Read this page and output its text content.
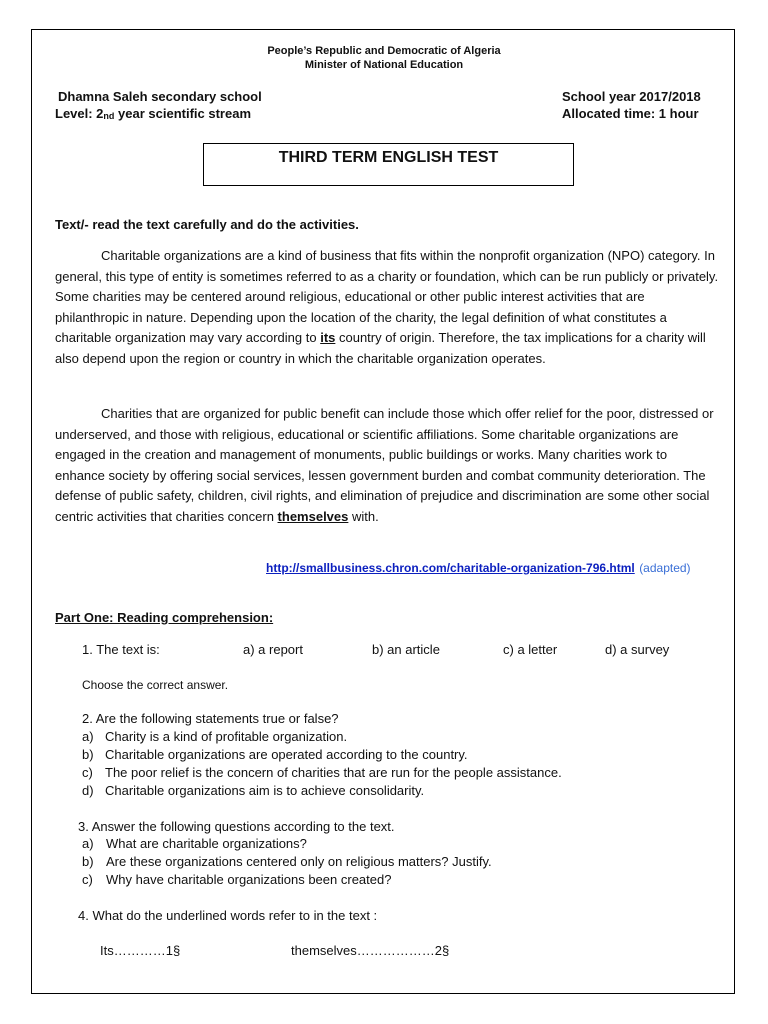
People’s Republic and Democratic of Algeria
Minister of National Education
Dhamna Saleh secondary school
Level: 2nd year scientific stream
School year 2017/2018
Allocated time: 1 hour
THIRD TERM ENGLISH TEST
Text/- read the text carefully and do the activities.

Charitable organizations are a kind of business that fits within the nonprofit organization (NPO) category. In general, this type of entity is sometimes referred to as a charity or foundation, which can be run publicly or privately. Some charities may be centered around religious, educational or other public interest activities that are philanthropic in nature. Depending upon the location of the charity, the legal definition of what constitutes a charitable organization may vary according to its country of origin. Therefore, the tax implications for a charity will also depend upon the region or country in which the charitable organization operates.

Charities that are organized for public benefit can include those which offer relief for the poor, distressed or underserved, and those with religious, educational or scientific affiliations. Some charitable organizations are engaged in the creation and management of monuments, public buildings or works. Many charities work to enhance society by offering social services, lessen government burden and combat community deterioration. The defense of public safety, children, civil rights, and elimination of prejudice and discrimination are some other social centric activities that charities concern themselves with.

http://smallbusiness.chron.com/charitable-organization-796.html (adapted)
Part One: Reading comprehension:
1. The text is:	a) a report	b) an article	c) a letter	d) a survey
Choose the correct answer.
2. Are the following statements true or false?
a) Charity is a kind of profitable organization.
b) Charitable organizations are operated according to the country.
c) The poor relief is the concern of charities that are run for the people assistance.
d) Charitable organizations aim is to achieve consolidarity.
3. Answer the following questions according to the text.
a) What are charitable organizations?
b) Are these organizations centered only on religious matters? Justify.
c) Why have charitable organizations been created?
4. What do the underlined words refer to in the text :
Its…………1§	themselves………………2§
